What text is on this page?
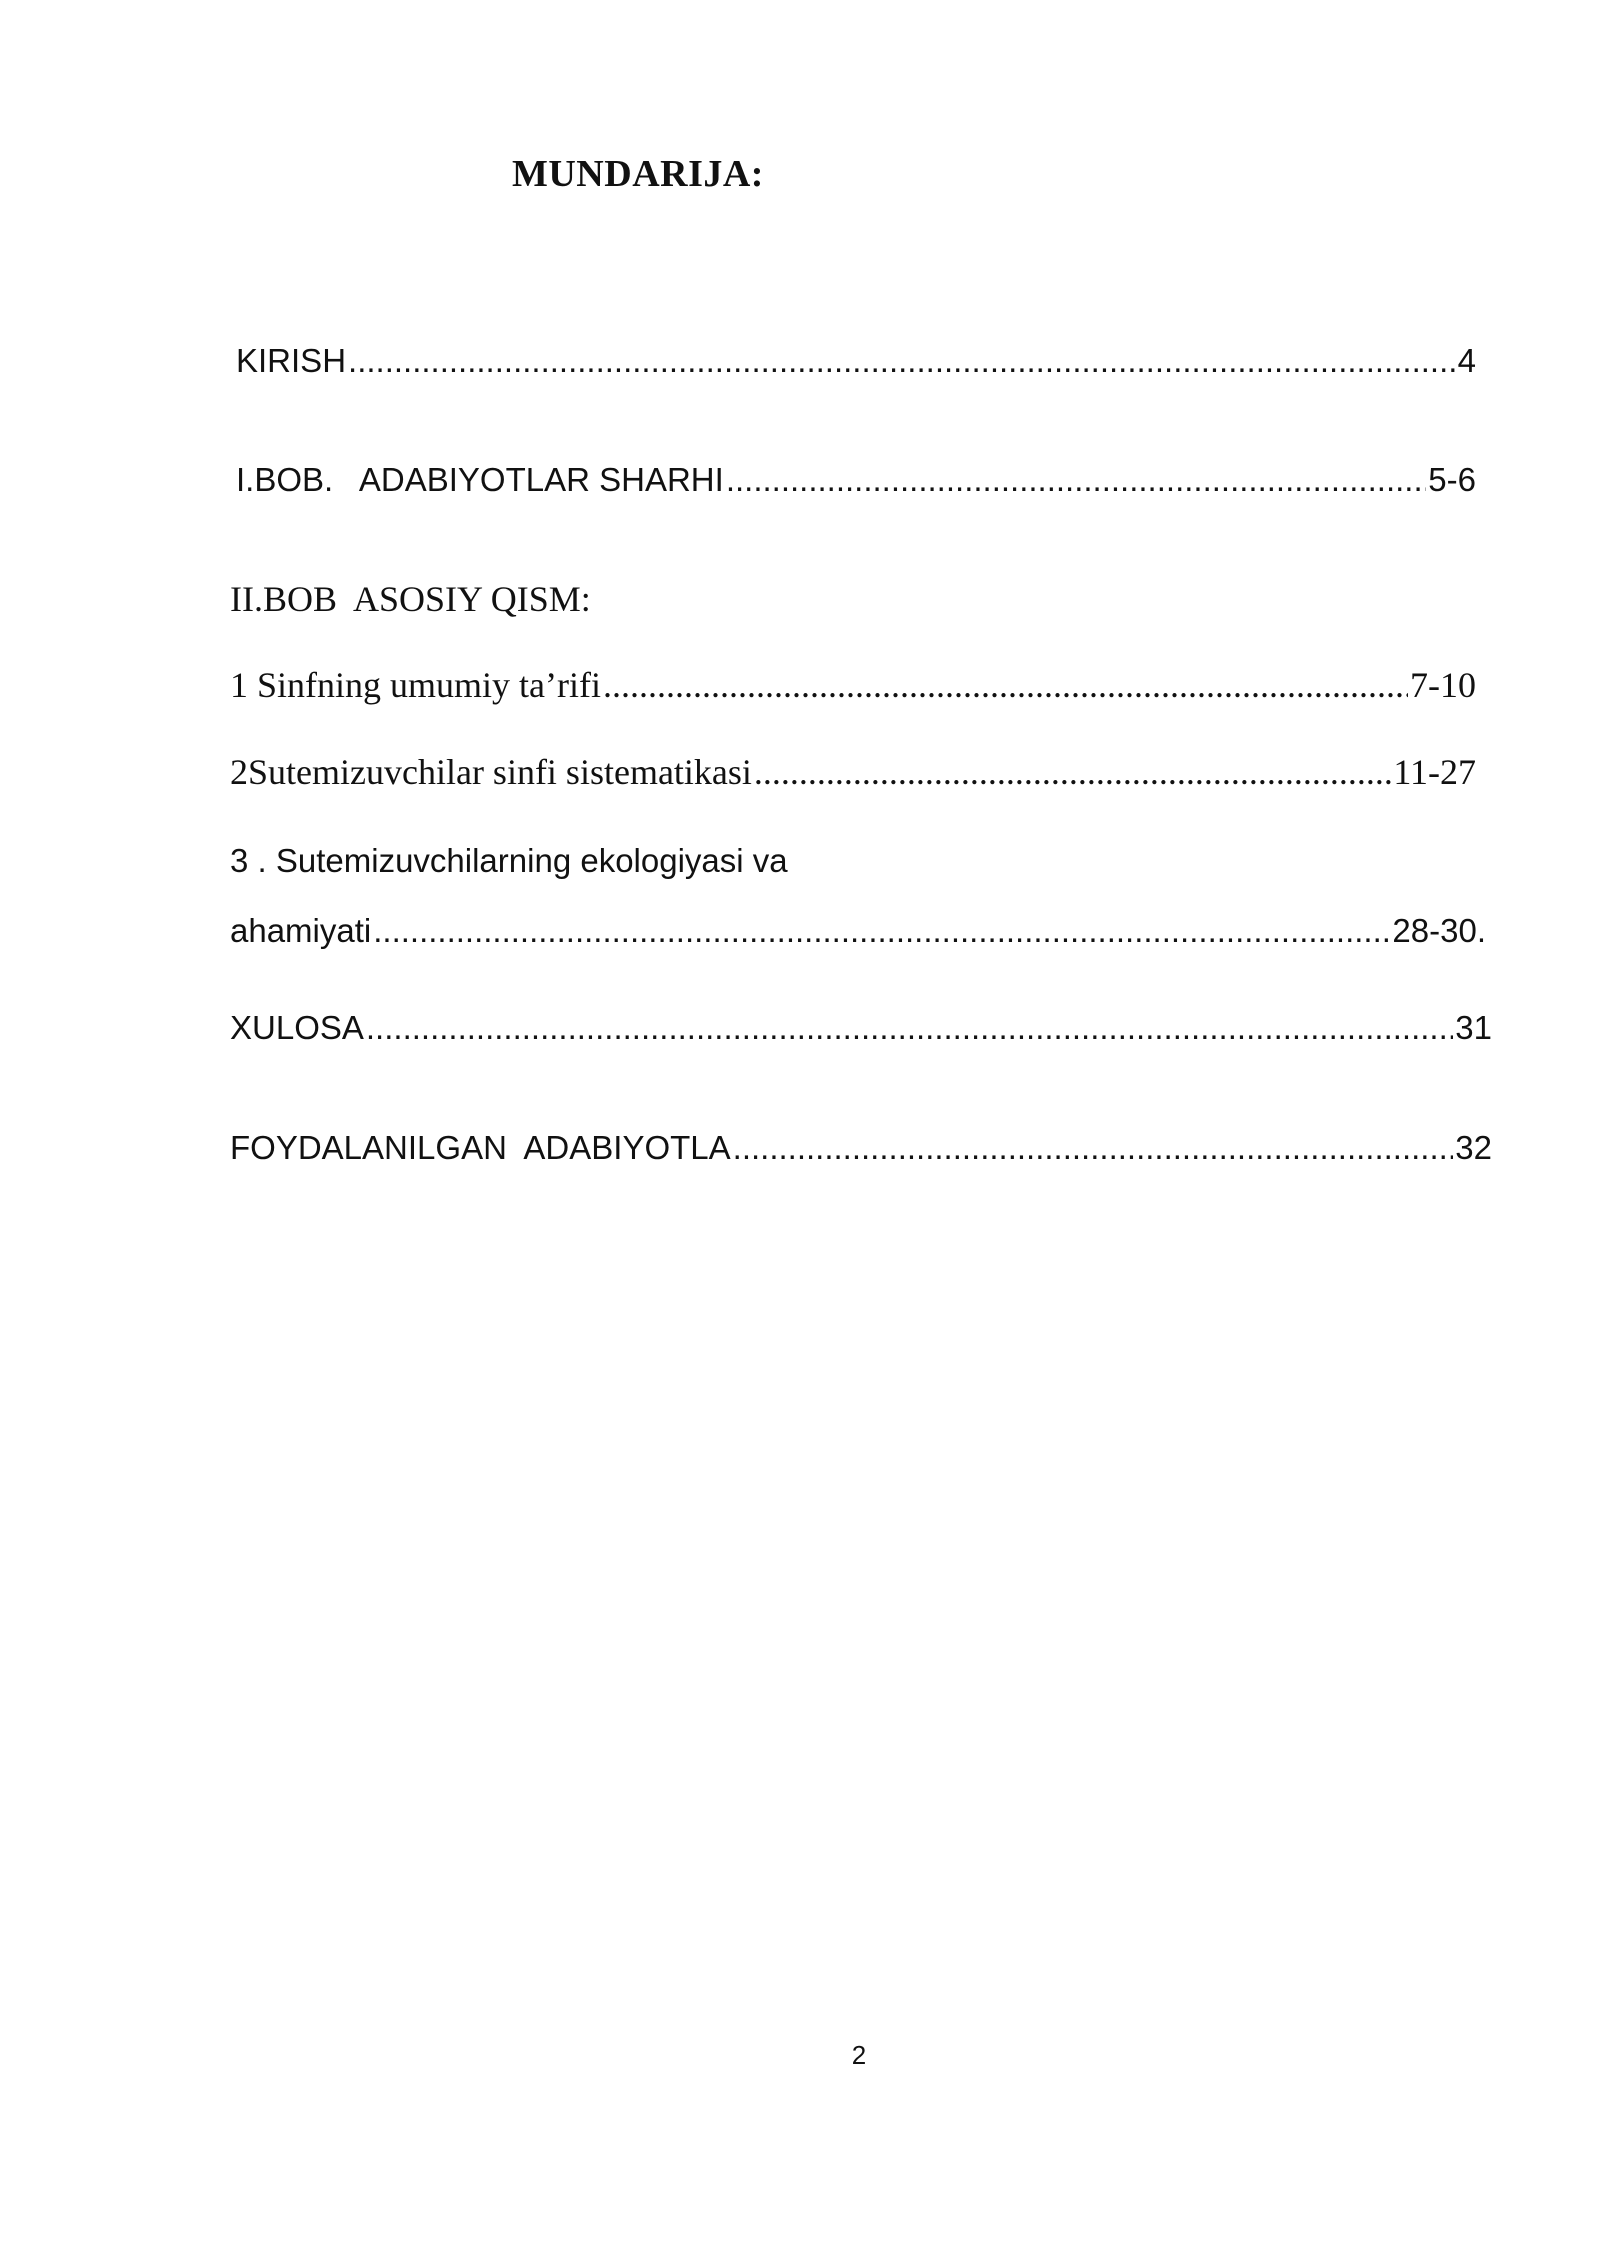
MUNDARIJA:
KIRISH .....	4
I.BOB.   ADABIYOTLAR SHARHI .....	5-6
II.BOB  ASOSIY QISM:
1 Sinfning umumiy ta’rifi .....	7-10
2Sutemizuvchilar sinfi sistematikasi .....	11-27
3 . Sutemizuvchilarning ekologiyasi va
ahamiyati .....	28-30.
XULOSA .....	31
FOYDALANILGAN  ADABIYOTLA .....	32
2
